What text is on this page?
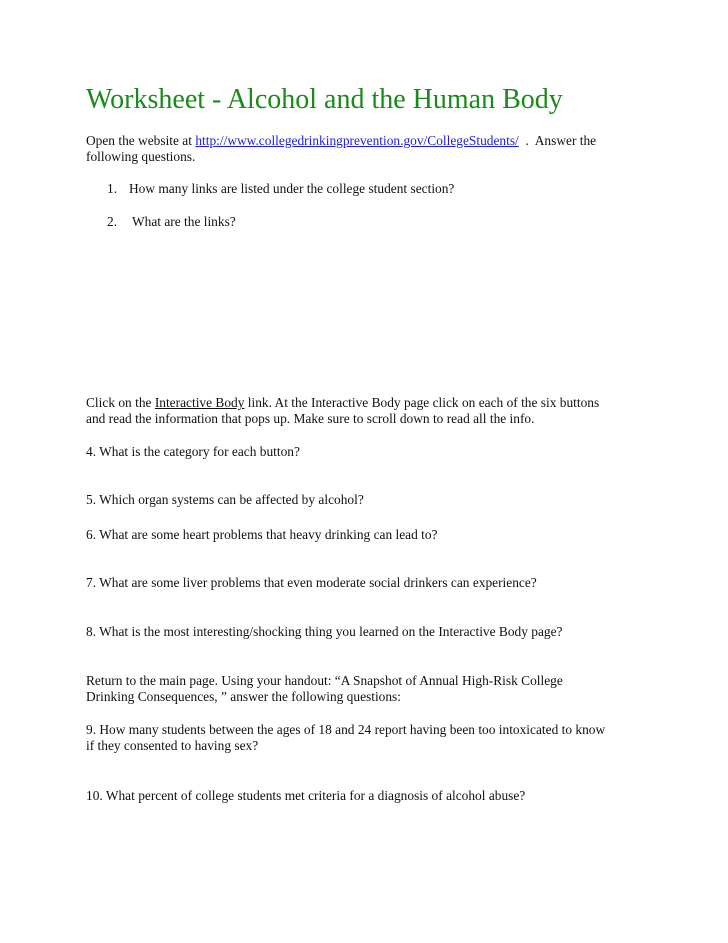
Worksheet - Alcohol and the Human Body
Open the website at http://www.collegedrinkingprevention.gov/CollegeStudents/  .  Answer the
following questions.
1. How many links are listed under the college student section?
2. What are the links?
Click on the Interactive Body link. At the Interactive Body page click on each of the six buttons
and read the information that pops up. Make sure to scroll down to read all the info.
4. What is the category for each button?
5. Which organ systems can be affected by alcohol?
6. What are some heart problems that heavy drinking can lead to?
7. What are some liver problems that even moderate social drinkers can experience?
8. What is the most interesting/shocking thing you learned on the Interactive Body page?
Return to the main page. Using your handout: “A Snapshot of Annual High-Risk College
Drinking Consequences, ” answer the following questions:
9. How many students between the ages of 18 and 24 report having been too intoxicated to know
if they consented to having sex?
10. What percent of college students met criteria for a diagnosis of alcohol abuse?
